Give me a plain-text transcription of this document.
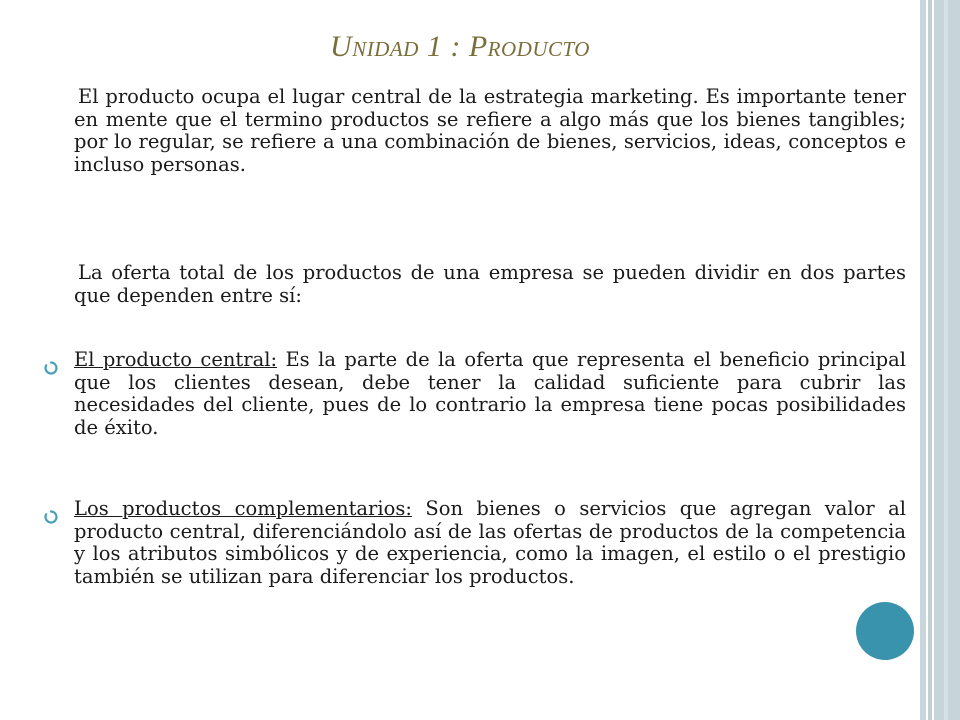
Unidad 1 : Producto
El producto ocupa el lugar central de la estrategia marketing. Es importante tener en mente que el termino productos se refiere a algo más que los bienes tangibles; por lo regular, se refiere a una combinación de bienes, servicios, ideas, conceptos e incluso personas.
La oferta total de los productos de una empresa se pueden dividir en dos partes que dependen entre sí:
El producto central: Es la parte de la oferta que representa el beneficio principal que los clientes desean, debe tener la calidad suficiente para cubrir las necesidades del cliente, pues de lo contrario la empresa tiene pocas posibilidades de éxito.
Los productos complementarios: Son bienes o servicios que agregan valor al producto central, diferenciándolo así de las ofertas de productos de la competencia y los atributos simbólicos y de experiencia, como la imagen, el estilo o el prestigio también se utilizan para diferenciar los productos.
